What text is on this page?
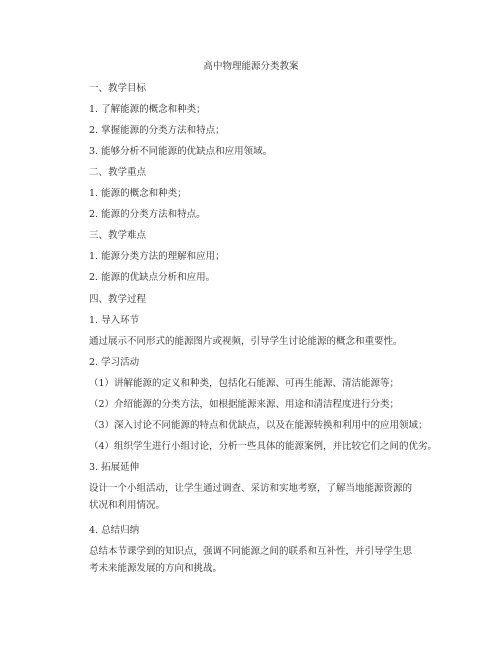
高中物理能源分类教案
一、教学目标
1. 了解能源的概念和种类；
2. 掌握能源的分类方法和特点；
3. 能够分析不同能源的优缺点和应用领域。
二、教学重点
1. 能源的概念和种类；
2. 能源的分类方法和特点。
三、教学难点
1. 能源分类方法的理解和应用；
2. 能源的优缺点分析和应用。
四、教学过程
1. 导入环节
通过展示不同形式的能源图片或视频，引导学生讨论能源的概念和重要性。
2. 学习活动
（1）讲解能源的定义和种类，包括化石能源、可再生能源、清洁能源等；
（2）介绍能源的分类方法，如根据能源来源、用途和清洁程度进行分类；
（3）深入讨论不同能源的特点和优缺点，以及在能源转换和利用中的应用领域；
（4）组织学生进行小组讨论，分析一些具体的能源案例，并比较它们之间的优劣。
3. 拓展延伸
设计一个小组活动，让学生通过调查、采访和实地考察，了解当地能源资源的状况和利用情况。
4. 总结归纳
总结本节课学到的知识点，强调不同能源之间的联系和互补性，并引导学生思考未来能源发展的方向和挑战。
